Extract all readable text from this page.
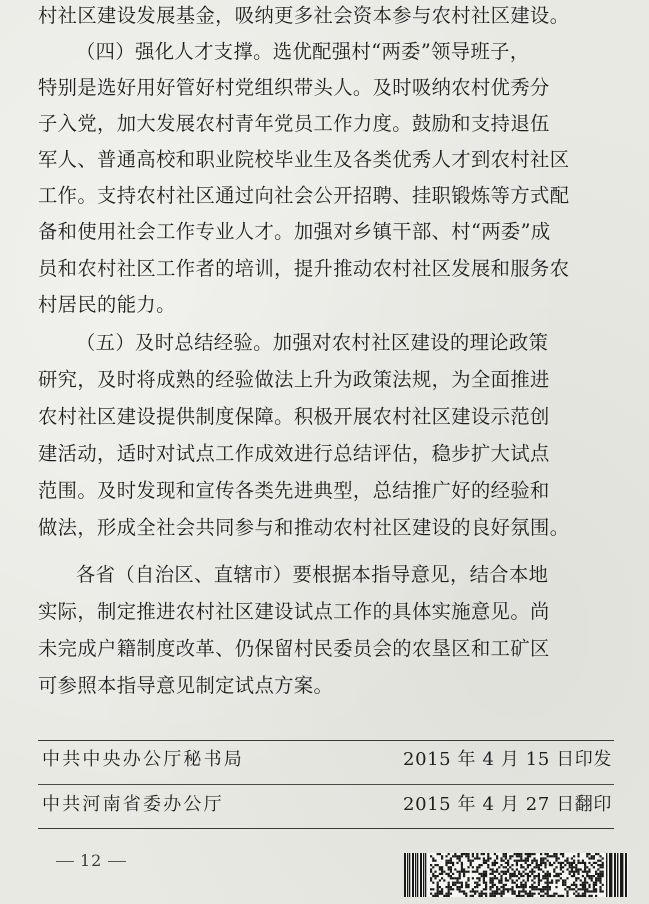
村社区建设发展基金，吸纳更多社会资本参与农村社区建设。
（四）强化人才支撑。选优配强村“两委”领导班子，
特别是选好用好管好村党组织带头人。及时吸纳农村优秀分
子入党，加大发展农村青年党员工作力度。鼓励和支持退伍
军人、普通高校和职业院校毕业生及各类优秀人才到农村社区
工作。支持农村社区通过向社会公开招聘、挂职锻炼等方式配
备和使用社会工作专业人才。加强对乡镇干部、村“两委”成
员和农村社区工作者的培训，提升推动农村社区发展和服务农
村居民的能力。
（五）及时总结经验。加强对农村社区建设的理论政策
研究，及时将成熟的经验做法上升为政策法规，为全面推进
农村社区建设提供制度保障。积极开展农村社区建设示范创
建活动，适时对试点工作成效进行总结评估，稳步扩大试点
范围。及时发现和宣传各类先进典型，总结推广好的经验和
做法，形成全社会共同参与和推动农村社区建设的良好氛围。
各省（自治区、直辖市）要根据本指导意见，结合本地
实际，制定推进农村社区建设试点工作的具体实施意见。尚
未完成户籍制度改革、仍保留村民委员会的农垦区和工矿区
可参照本指导意见制定试点方案。
中共中央办公厅秘书局	2015 年 4 月 15 日印发
中共河南省委办公厅	2015 年 4 月 27 日翻印
12
